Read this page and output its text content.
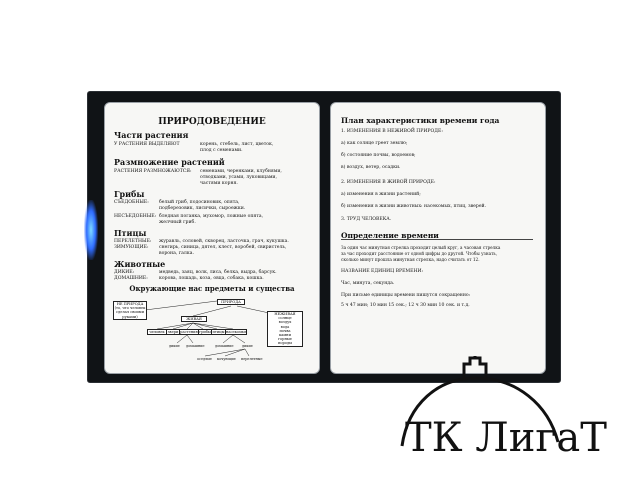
ПРИРОДОВЕДЕНИЕ
Части растения
У РАСТЕНИЯ ВЫДЕЛЯЮТ	корень, стебель, лист, цветок,
плод с семенами.
Размножение растений
РАСТЕНИЯ РАЗМНОЖАЮТСЯ: семенами, черенками, клубнями,
отводками, усами, луковицами,
частями корня.
Грибы
СЪЕДОБНЫЕ: белый гриб, подосиновик, опята,
подберезовик, лисички, сыроежки.
НЕСЪЕДОБНЫЕ: бледная поганка, мухомор, ложные опята,
желчный гриб.
Птицы
ПЕРЕЛЕТНЫЕ: журавль, соловей, скворец, ласточка, грач, кукушка.
ЗИМУЮЩИЕ: снегирь, синица, дятел, клест, воробей, свиристель,
ворона, галка.
Животные
ДИКИЕ:	медведь, заяц, волк, лиса, белка, выдра, барсук.
ДОМАШНИЕ: корова, лошадь, коза, овца, собака, кошка.
Окружающие нас предметы и существа
НЕ ПРИРОДА
(то, что человек
сделал своими
руками)
ПРИРОДА
ЖИВАЯ
НЕЖИВАЯ
солнце
воздух
вода
почва
камни
горные
породы
человек звери растения грибы птицы насекомые
дикие домашние	домашние	дикие
оседлые кочующие перелетные
План характеристики времени года
1. ИЗМЕНЕНИЯ В НЕЖИВОЙ ПРИРОДЕ:
а) как солнце греет землю;
б) состояние почвы, водоемов;
в) воздух, ветер, осадки.
2. ИЗМЕНЕНИЯ В ЖИВОЙ ПРИРОДЕ:
а) изменения в жизни растений;
б) изменения в жизни животных: насекомых, птиц, зверей.
3. ТРУД ЧЕЛОВЕКА.
Определение времени
За один час минутная стрелка проходит целый круг, а часовая стрелка
за час проходит расстояние от одной цифры до другой. Чтобы узнать,
сколько минут прошла минутная стрелка, надо считать от 12.
НАЗВАНИЕ ЕДИНИЦ ВРЕМЕНИ:
Час, минута, секунда.
При письме единицы времени пишутся сокращенно:
5 ч 47 мин; 10 мин 15 сек.; 12 ч 30 мин 10 сек. и т.д.
ТК ЛигаТ
